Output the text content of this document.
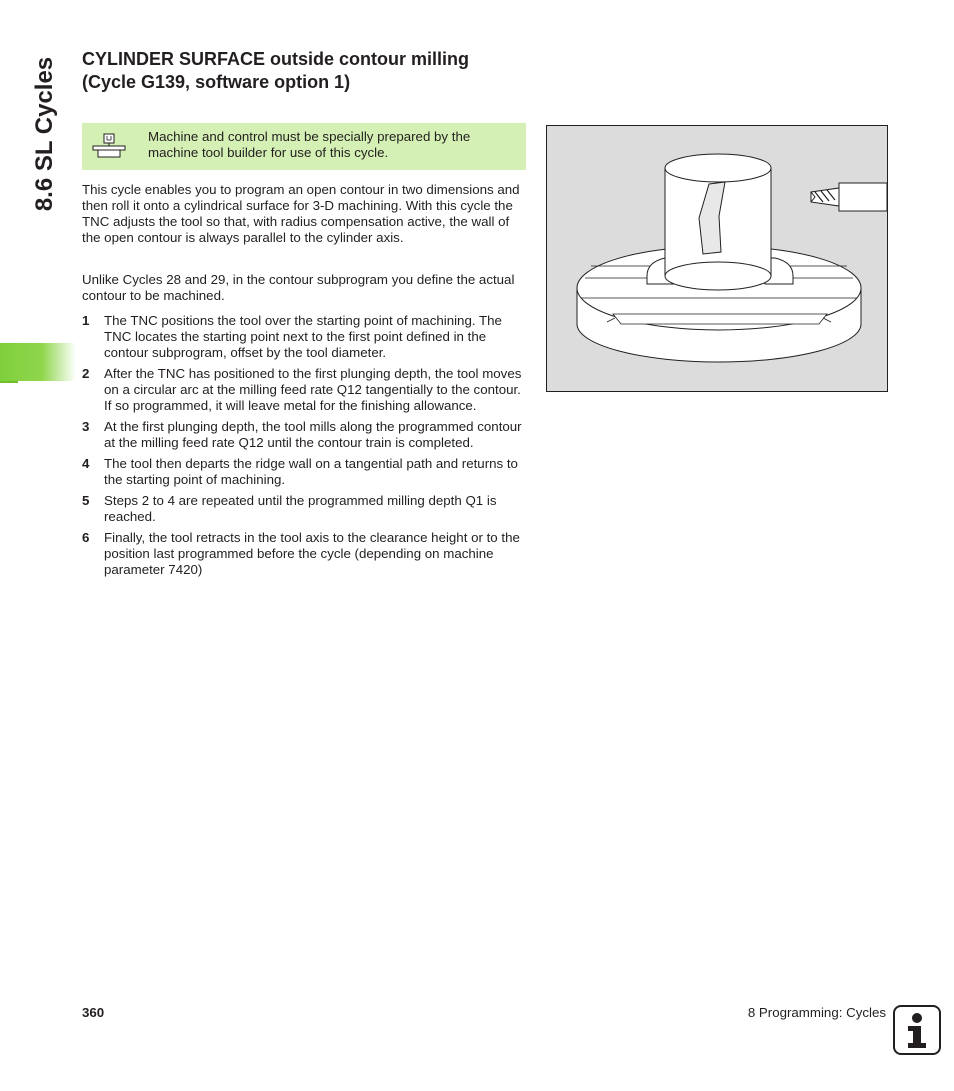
8.6 SL Cycles CYLINDER SURFACE outside contour milling
(Cycle G139, software option 1)
Machine and control must be specially prepared by the machine tool builder for use of this cycle.

This cycle enables you to program an open contour in two dimensions and then roll it onto a cylindrical surface for 3-D machining. With this cycle the TNC adjusts the tool so that, with radius compensation active, the wall of the open contour is always parallel to the cylinder axis.

Unlike Cycles 28 and 29, in the contour subprogram you define the actual contour to be machined.

1 The TNC positions the tool over the starting point of machining. The TNC locates the starting point next to the first point defined in the contour subprogram, offset by the tool diameter.
2 After the TNC has positioned to the first plunging depth, the tool moves on a circular arc at the milling feed rate Q12 tangentially to the contour. If so programmed, it will leave metal for the finishing allowance.
3 At the first plunging depth, the tool mills along the programmed contour at the milling feed rate Q12 until the contour train is completed.
4 The tool then departs the ridge wall on a tangential path and returns to the starting point of machining.
5 Steps 2 to 4 are repeated until the programmed milling depth Q1 is reached.
6 Finally, the tool retracts in the tool axis to the clearance height or to the position last programmed before the cycle (depending on machine parameter 7420)
360	8 Programming: Cycles
